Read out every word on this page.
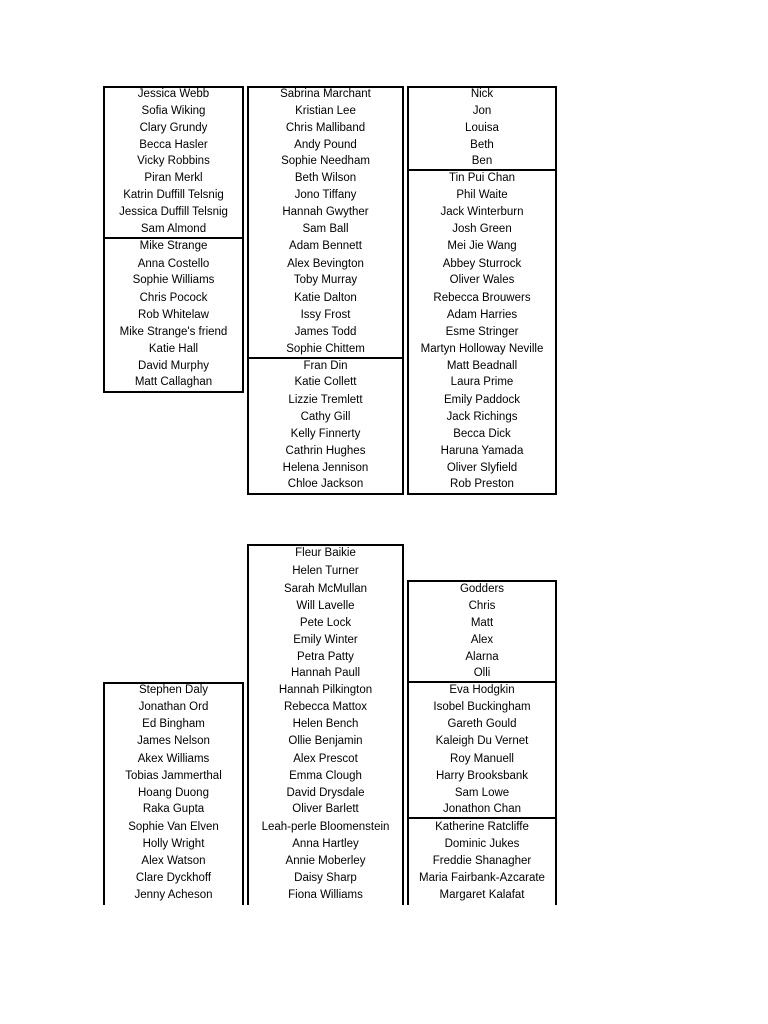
Jessica Webb
Sofia Wiking
Clary Grundy
Becca Hasler
Vicky Robbins
Piran Merkl
Katrin Duffill Telsnig
Jessica Duffill Telsnig
Sam Almond
Mike Strange
Anna Costello
Sophie Williams
Chris Pocock
Rob Whitelaw
Mike Strange's friend
Katie Hall
David Murphy
Matt Callaghan
Sabrina Marchant
Kristian Lee
Chris Malliband
Andy Pound
Sophie Needham
Beth Wilson
Jono Tiffany
Hannah Gwyther
Sam Ball
Adam Bennett
Alex Bevington
Toby Murray
Katie Dalton
Issy Frost
James Todd
Sophie Chittem
Fran Din
Katie Collett
Lizzie Tremlett
Cathy Gill
Kelly Finnerty
Cathrin Hughes
Helena Jennison
Chloe Jackson
Nick
Jon
Louisa
Beth
Ben
Tin Pui Chan
Phil Waite
Jack Winterburn
Josh Green
Mei Jie Wang
Abbey Sturrock
Oliver Wales
Rebecca Brouwers
Adam Harries
Esme Stringer
Martyn Holloway Neville
Matt Beadnall
Laura Prime
Emily Paddock
Jack Richings
Becca Dick
Haruna Yamada
Oliver Slyfield
Rob Preston
Stephen Daly
Jonathan Ord
Ed Bingham
James Nelson
Akex Williams
Tobias Jammerthal
Hoang Duong
Raka Gupta
Sophie Van Elven
Holly Wright
Alex Watson
Clare Dyckhoff
Jenny Acheson
Fleur Baikie
Helen Turner
Sarah McMullan
Will Lavelle
Pete Lock
Emily Winter
Petra Patty
Hannah Paull
Hannah Pilkington
Rebecca Mattox
Helen Bench
Ollie Benjamin
Alex Prescot
Emma Clough
David Drysdale
Oliver Barlett
Leah-perle Bloomenstein
Anna Hartley
Annie Moberley
Daisy Sharp
Fiona Williams
Godders
Chris
Matt
Alex
Alarna
Olli
Eva Hodgkin
Isobel Buckingham
Gareth Gould
Kaleigh Du Vernet
Roy Manuell
Harry Brooksbank
Sam Lowe
Jonathon Chan
Katherine Ratcliffe
Dominic Jukes
Freddie Shanagher
Maria Fairbank-Azcarate
Margaret Kalafat
